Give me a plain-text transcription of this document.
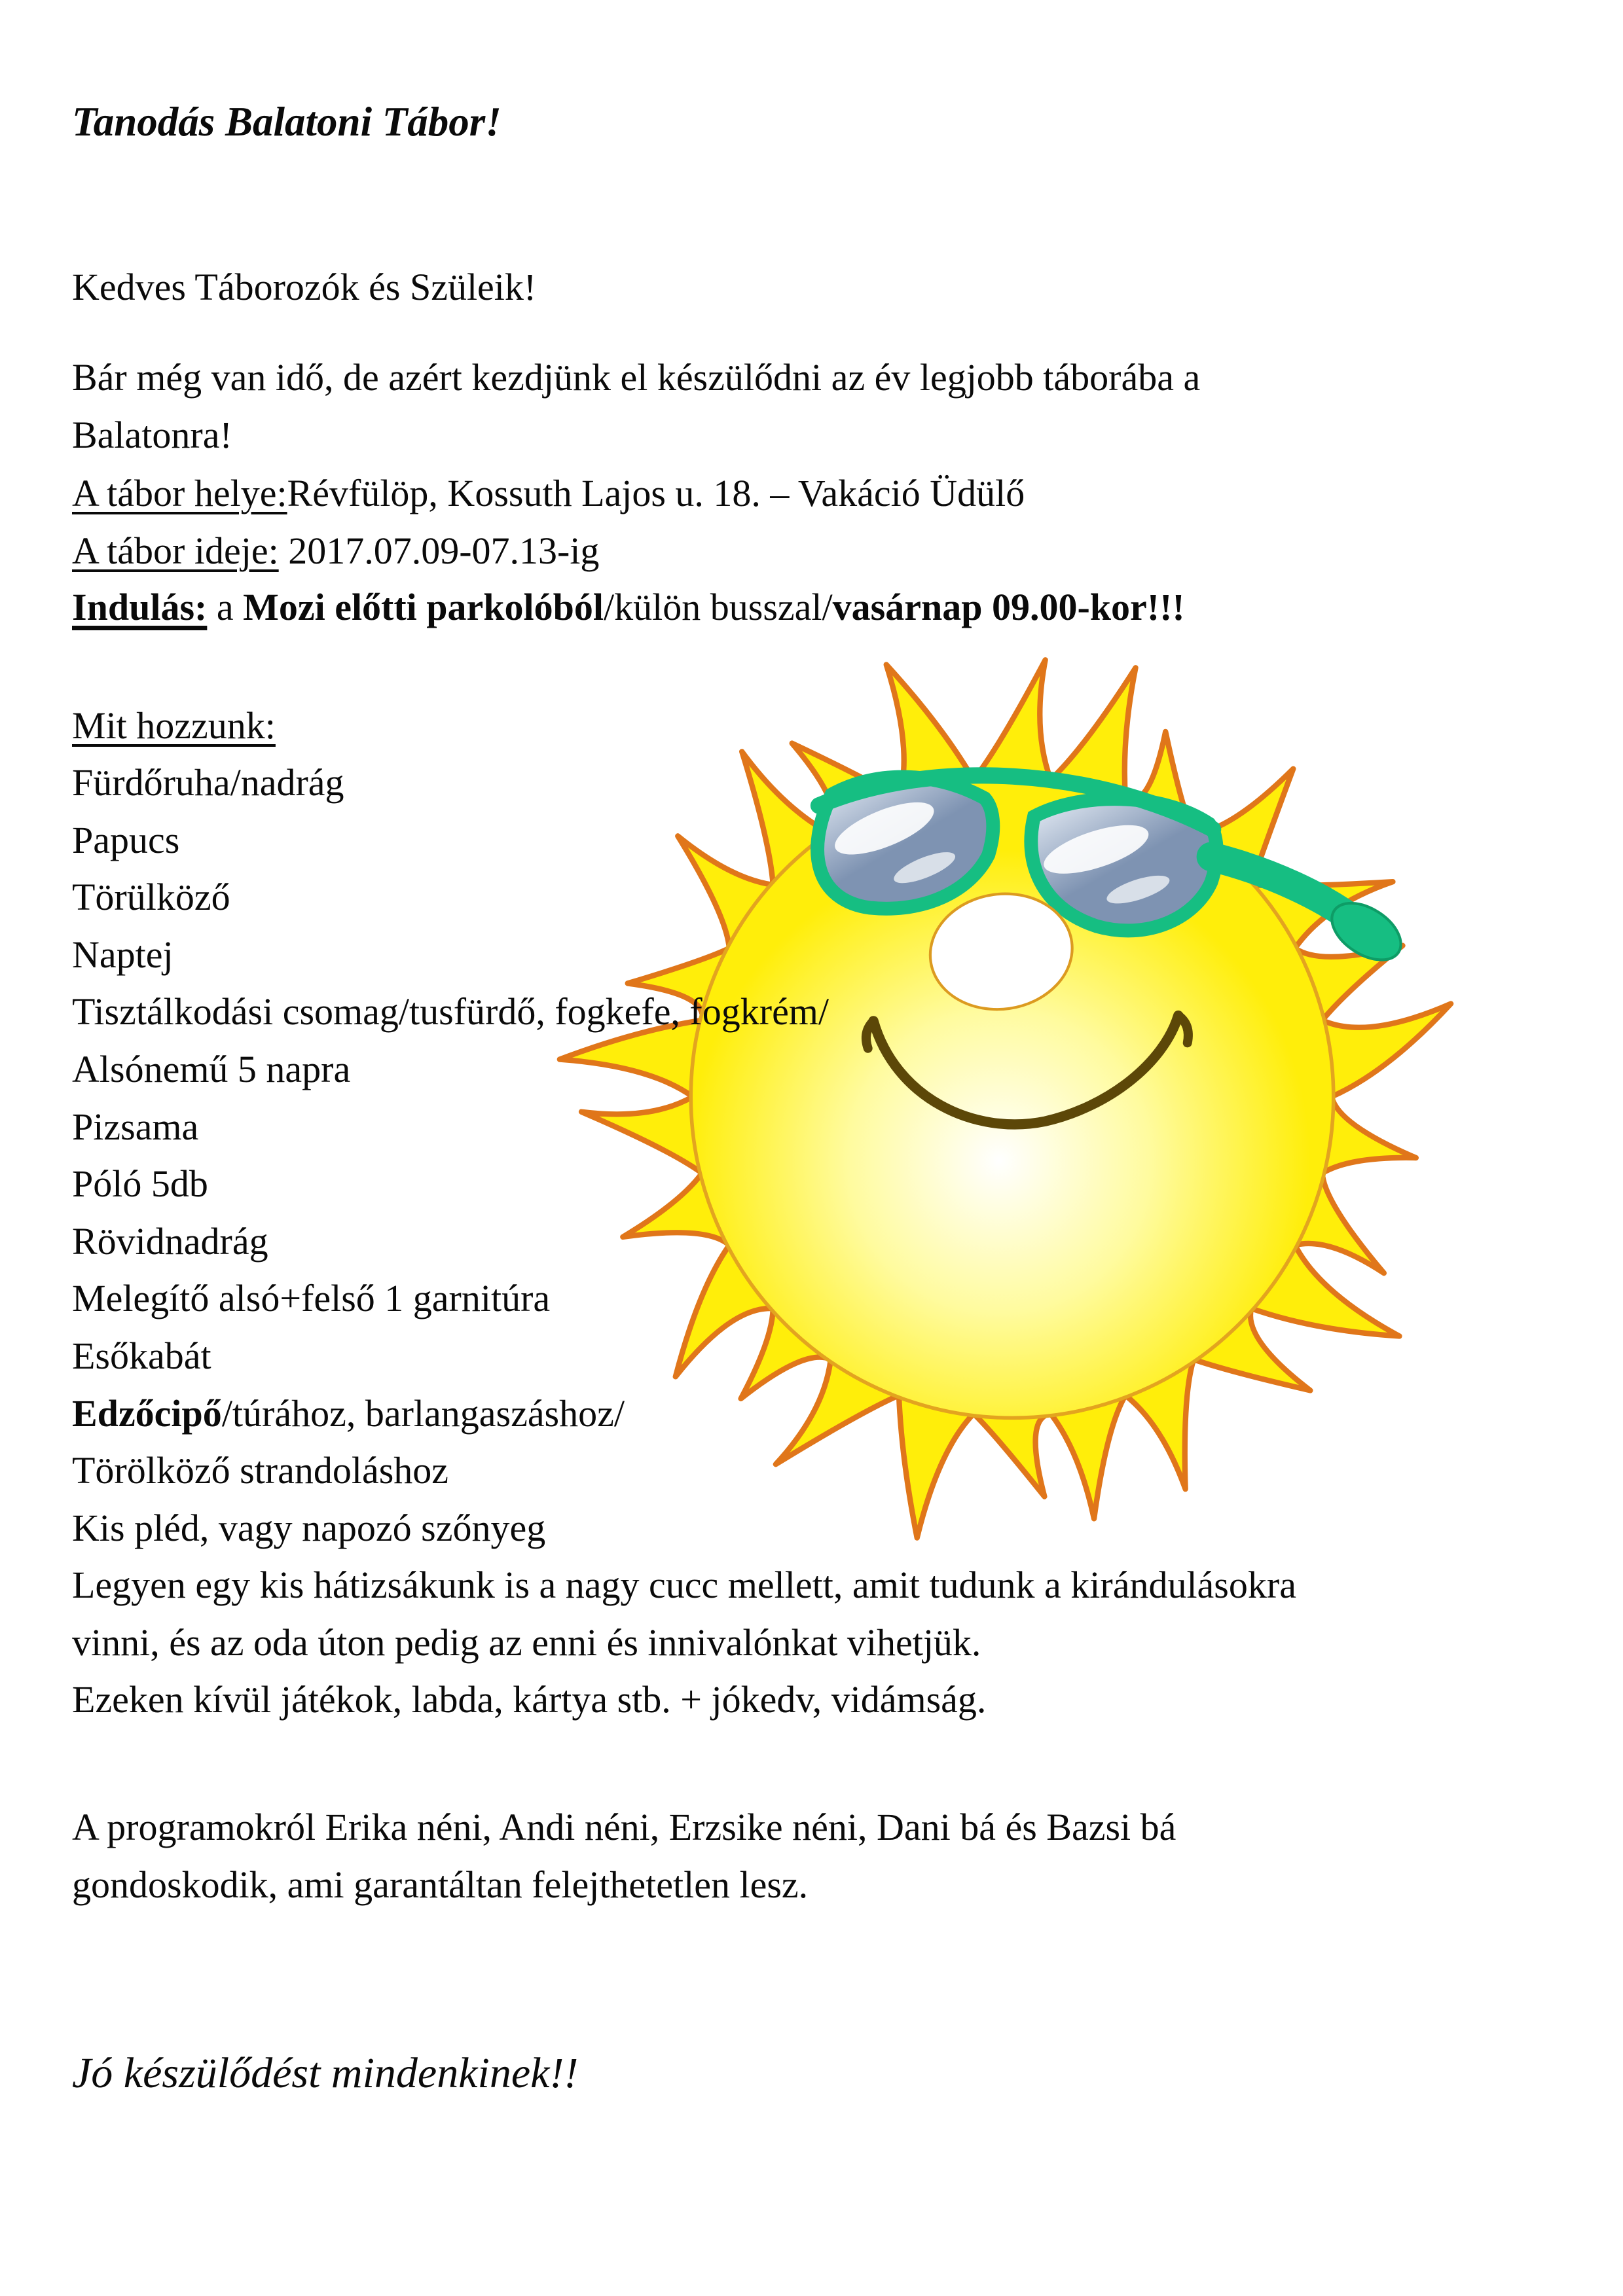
Tanodás Balatoni Tábor!
Kedves Táborozók és Szüleik!
Bár még van idő, de azért kezdjünk el készülődni az év legjobb táborába a
Balatonra!
A tábor helye:Révfülöp, Kossuth Lajos u. 18. – Vakáció Üdülő
A tábor ideje: 2017.07.09-07.13-ig
Indulás: a Mozi előtti parkolóból/külön busszal/vasárnap 09.00-kor!!!
Mit hozzunk:
Fürdőruha/nadrág
Papucs
Törülköző
Naptej
Tisztálkodási csomag/tusfürdő, fogkefe, fogkrém/
Alsónemű 5 napra
Pizsama
Póló 5db
Rövidnadrág
Melegítő alsó+felső 1 garnitúra
Esőkabát
Edzőcipő/túrához, barlangaszáshoz/
Törölköző strandoláshoz
Kis pléd, vagy napozó szőnyeg
Legyen egy kis hátizsákunk is a nagy cucc mellett, amit tudunk a kirándulásokra
vinni, és az oda úton pedig az enni és innivalónkat vihetjük.
Ezeken kívül játékok, labda, kártya stb. + jókedv, vidámság.
A programokról Erika néni, Andi néni, Erzsike néni, Dani bá és Bazsi bá
gondoskodik, ami garantáltan felejthetetlen lesz.
Jó készülődést mindenkinek!!
